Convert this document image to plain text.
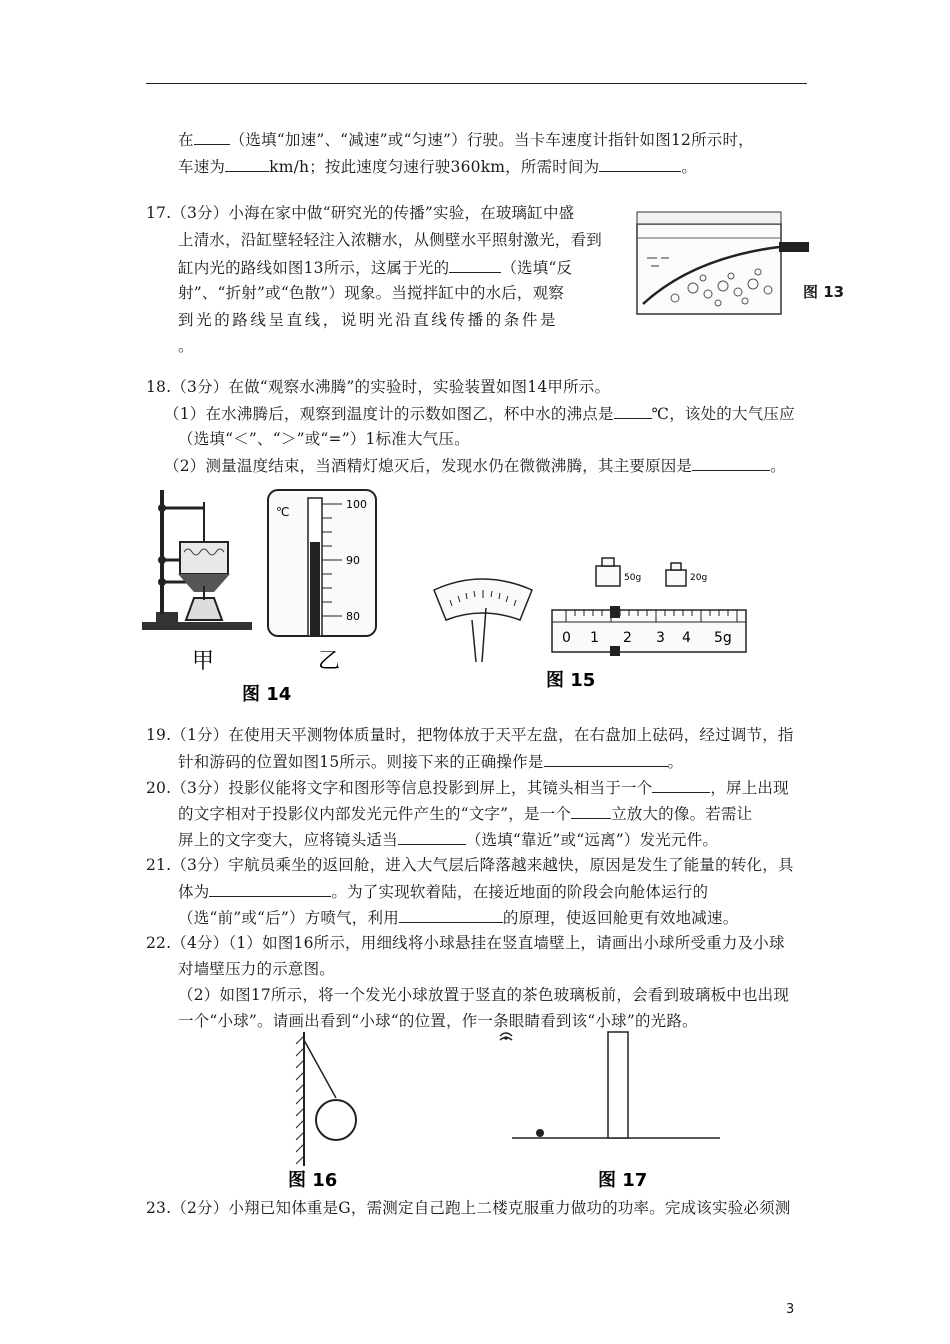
在 （选填“加速”、“减速”或“匀速”）行驶。当卡车速度计指针如图12所示时，
车速为	km/h；按此速度匀速行驶360km，所需时间为	。
17.（3分）小海在家中做“研究光的传播”实验，在玻璃缸中盛
上清水，沿缸壁轻轻注入浓糖水，从侧壁水平照射激光，看到
缸内光的路线如图13所示，这属于光的	（选填“反
射”、“折射”或“色散”）现象。当搅拌缸中的水后，观察
到光的路线呈直线，说明光沿直线传播的条件是
。
图 13
18.（3分）在做“观察水沸腾”的实验时，实验装置如图14甲所示。
（1）在水沸腾后，观察到温度计的示数如图乙，杯中水的沸点是 ℃，该处的大气压应
（选填“＜”、“＞”或“=”）1标准大气压。
（2）测量温度结束，当酒精灯熄灭后，发现水仍在微微沸腾，其主要原因是	。
甲
图 14
℃
100
90
80
乙
图 15
50g	20g
0 1 2 3 4 5g
19.（1分）在使用天平测物体质量时，把物体放于天平左盘，在右盘加上砝码，经过调节，指
针和游码的位置如图15所示。则接下来的正确操作是	。
20.（3分）投影仪能将文字和图形等信息投影到屏上，其镜头相当于一个	，屏上出现
的文字相对于投影仪内部发光元件产生的“文字”，是一个	立放大的像。若需让
屏上的文字变大，应将镜头适当	（选填“靠近”或“远离”）发光元件。
21.（3分）宇航员乘坐的返回舱，进入大气层后降落越来越快，原因是发生了能量的转化，具
体为	。为了实现软着陆，在接近地面的阶段会向舱体运行的
（选“前”或“后”）方喷气，利用	的原理，使返回舱更有效地减速。
22.（4分）（1）如图16所示，用细线将小球悬挂在竖直墙壁上，请画出小球所受重力及小球
对墙壁压力的示意图。
（2）如图17所示，将一个发光小球放置于竖直的茶色玻璃板前，会看到玻璃板中也出现
一个“小球”。请画出看到“小球“的位置，作一条眼睛看到该“小球”的光路。
图 16	图 17
23.（2分）小翔已知体重是G，需测定自己跑上二楼克服重力做功的功率。完成该实验必须测
3
